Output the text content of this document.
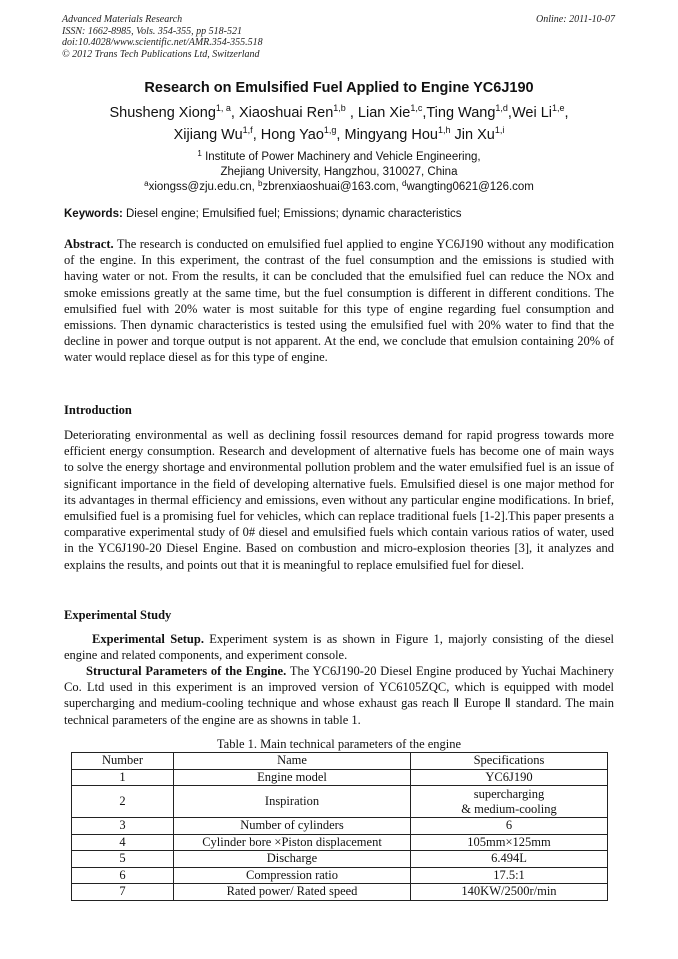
Advanced Materials Research
ISSN: 1662-8985, Vols. 354-355, pp 518-521
doi:10.4028/www.scientific.net/AMR.354-355.518
© 2012 Trans Tech Publications Ltd, Switzerland
Online: 2011-10-07
Research on Emulsified Fuel Applied to Engine YC6J190
Shusheng Xiong$^{1, a}$, Xiaoshuai Ren$^{1,b}$ , Lian Xie$^{1,c}$,Ting Wang$^{1,d}$,Wei Li$^{1,e}$,
Xijiang Wu$^{1,f}$, Hong Yao$^{1,g}$, Mingyang Hou$^{1,h}$ Jin Xu$^{1,i}$
$^1$ Institute of Power Machinery and Vehicle Engineering,
Zhejiang University, Hangzhou, 310027, China
$^a$xiongss@zju.edu.cn, $^b$zbrenxiaoshuai@163.com, $^d$wangting0621@126.com
Keywords: Diesel engine; Emulsified fuel; Emissions; dynamic characteristics
Abstract. The research is conducted on emulsified fuel applied to engine YC6J190 without any modification of the engine. In this experiment, the contrast of the fuel consumption and the emissions is studied with having water or not. From the results, it can be concluded that the emulsified fuel can reduce the NOx and smoke emissions greatly at the same time, but the fuel consumption is different in different conditions. The emulsified fuel with 20% water is most suitable for this type of engine regarding fuel consumption and emissions. Then dynamic characteristics is tested using the emulsified fuel with 20% water to find that the decline in power and torque output is not apparent. At the end, we conclude that emulsion containing 20% of water would replace diesel as for this type of engine.
Introduction
Deteriorating environmental as well as declining fossil resources demand for rapid progress towards more efficient energy consumption. Research and development of alternative fuels has become one of main ways to solve the energy shortage and environmental pollution problem and the water emulsified fuel is an issue of significant importance in the field of developing alternative fuels. Emulsified diesel is one major method for its advantages in thermal efficiency and emissions, even without any particular engine modifications. In brief, emulsified fuel is a promising fuel for vehicles, which can replace traditional fuels [1-2].This paper presents a comparative experimental study of 0# diesel and emulsified fuels which contain various ratios of water, used in the YC6J190-20 Diesel Engine. Based on combustion and micro-explosion theories [3], it analyzes and explains the results, and points out that it is meaningful to replace emulsified fuel for diesel.
Experimental Study
Experimental Setup. Experiment system is as shown in Figure 1, majorly consisting of the diesel engine and related components, and experiment console.
Structural Parameters of the Engine. The YC6J190-20 Diesel Engine produced by Yuchai Machinery Co. Ltd used in this experiment is an improved version of YC6105ZQC, which is equipped with model supercharging and medium-cooling technique and whose exhaust gas reach Ⅱ Europe Ⅱ standard. The main technical parameters of the engine are as showns in table 1.
Table 1. Main technical parameters of the engine
Number	Name	Specifications
1	Engine model	YC6J190
2	Inspiration	supercharging
& medium-cooling

3	Number of cylinders	6
4	Cylinder bore ×Piston displacement	105mm×125mm
5	Discharge	6.494L
6	Compression ratio	17.5:1
7	Rated power/ Rated speed	140KW/2500r/min
